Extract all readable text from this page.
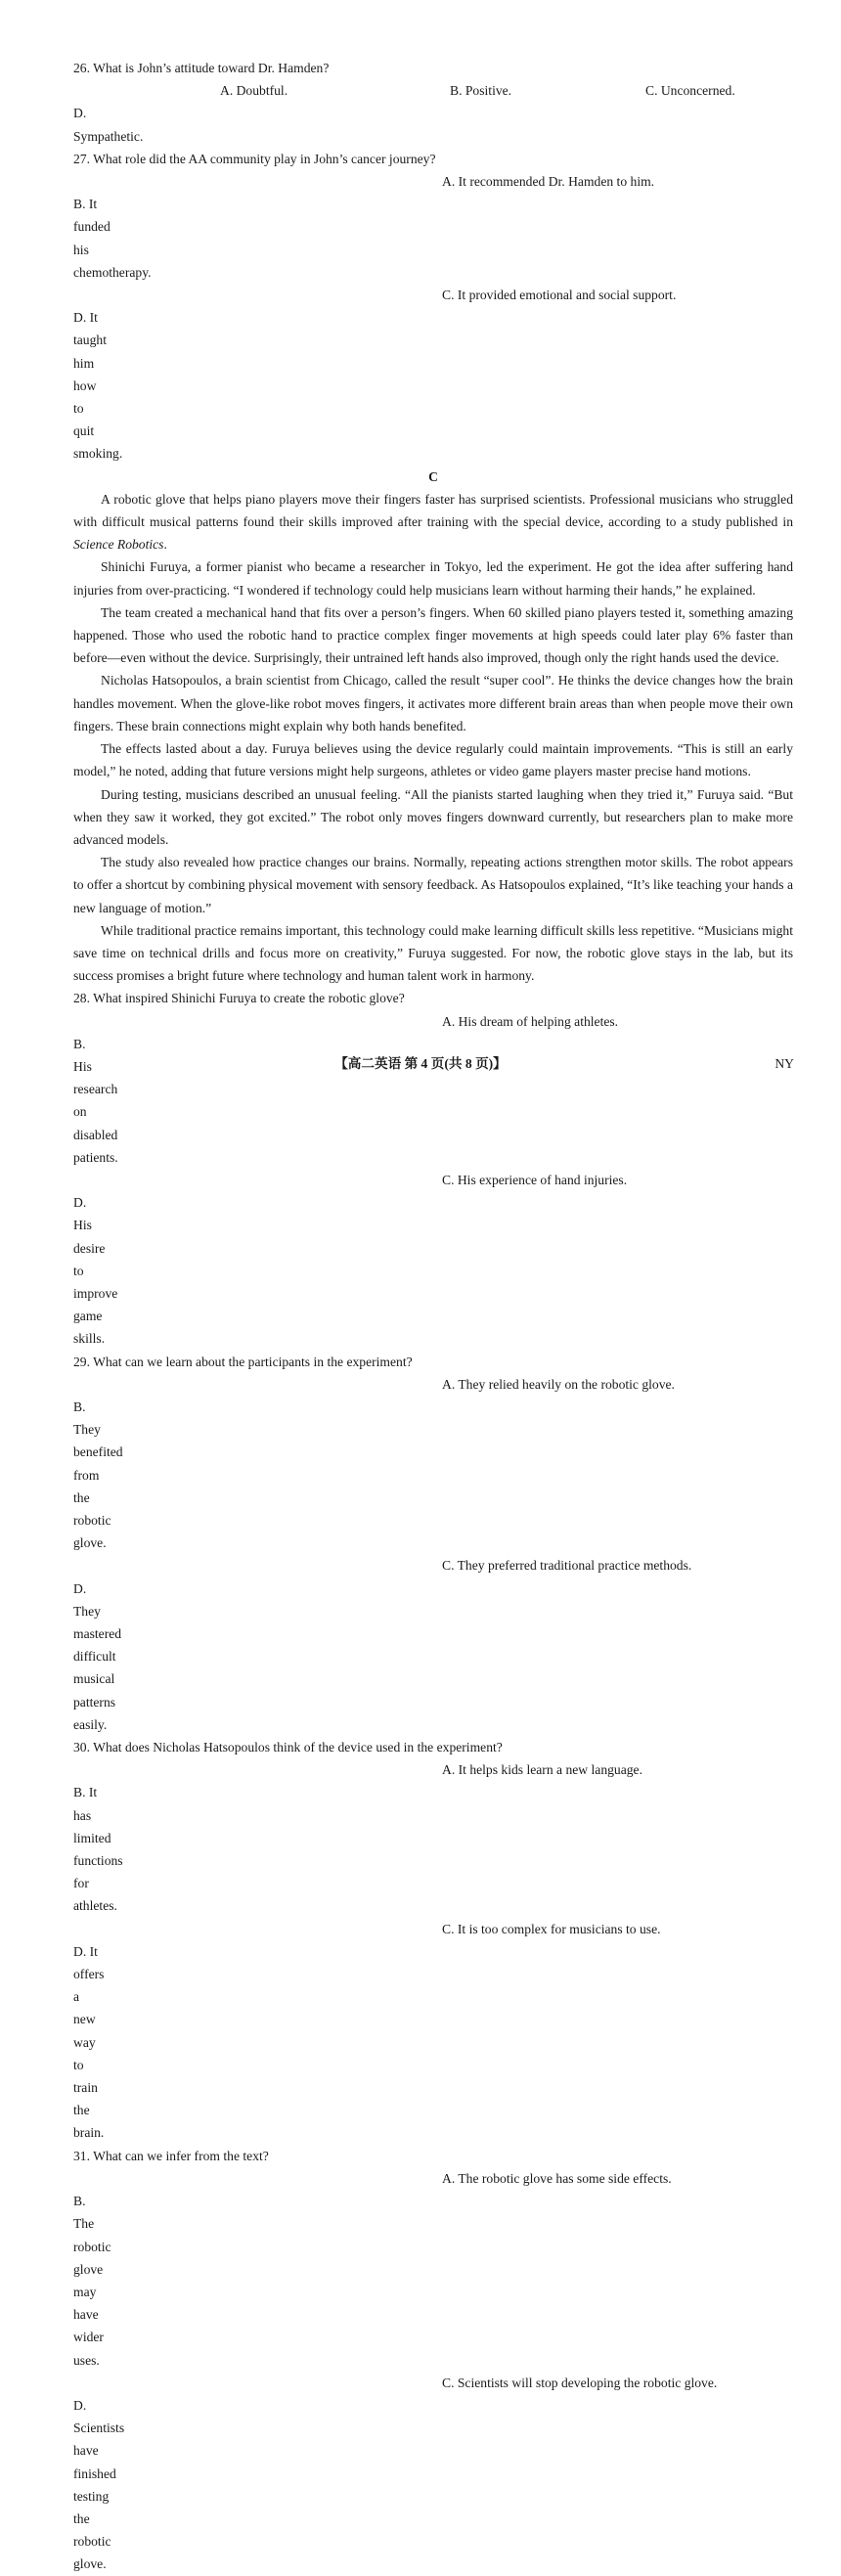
26. What is John’s attitude toward Dr. Hamden?

A. Doubtful.	B. Positive.	C. Unconcerned.
D. Sympathetic.

27. What role did the AA community play in John’s cancer journey?

A. It recommended Dr. Hamden to him.
B. It funded his chemotherapy.
C. It provided emotional and social support.
D. It taught him how to quit smoking.

C

A robotic glove that helps piano players move their fingers faster has surprised scientists. Professional musicians who struggled with difficult musical patterns found their skills improved after training with the special device, according to a study published in Science Robotics.

Shinichi Furuya, a former pianist who became a researcher in Tokyo, led the experiment. He got the idea after suffering hand injuries from over-practicing. “I wondered if technology could help musicians learn without harming their hands,” he explained.

The team created a mechanical hand that fits over a person’s fingers. When 60 skilled piano players tested it, something amazing happened. Those who used the robotic hand to practice complex finger movements at high speeds could later play 6% faster than before—even without the device. Surprisingly, their untrained left hands also improved, though only the right hands used the device.

Nicholas Hatsopoulos, a brain scientist from Chicago, called the result “super cool”. He thinks the device changes how the brain handles movement. When the glove-like robot moves fingers, it activates more different brain areas than when people move their own fingers. These brain connections might explain why both hands benefited.

The effects lasted about a day. Furuya believes using the device regularly could maintain improvements. “This is still an early model,” he noted, adding that future versions might help surgeons, athletes or video game players master precise hand motions.

During testing, musicians described an unusual feeling. “All the pianists started laughing when they tried it,” Furuya said. “But when they saw it worked, they got excited.” The robot only moves fingers downward currently, but researchers plan to make more advanced models.

The study also revealed how practice changes our brains. Normally, repeating actions strengthen motor skills. The robot appears to offer a shortcut by combining physical movement with sensory feedback. As Hatsopoulos explained, “It’s like teaching your hands a new language of motion.”

While traditional practice remains important, this technology could make learning difficult skills less repetitive. “Musicians might save time on technical drills and focus more on creativity,” Furuya suggested. For now, the robotic glove stays in the lab, but its success promises a bright future where technology and human talent work in harmony.

28. What inspired Shinichi Furuya to create the robotic glove?

A. His dream of helping athletes.
B. His research on disabled patients.
C. His experience of hand injuries.
D. His desire to improve game skills.

29. What can we learn about the participants in the experiment?

A. They relied heavily on the robotic glove.
B. They benefited from the robotic glove.
C. They preferred traditional practice methods.
D. They mastered difficult musical patterns easily.

30. What does Nicholas Hatsopoulos think of the device used in the experiment?

A. It helps kids learn a new language.
B. It has limited functions for athletes.
C. It is too complex for musicians to use.
D. It offers a new way to train the brain.

31. What can we infer from the text?

A. The robotic glove has some side effects.
B. The robotic glove may have wider uses.
C. Scientists will stop developing the robotic glove.
D. Scientists have finished testing the robotic glove.
【高二英语 第 4 页(共 8 页)】	NY
